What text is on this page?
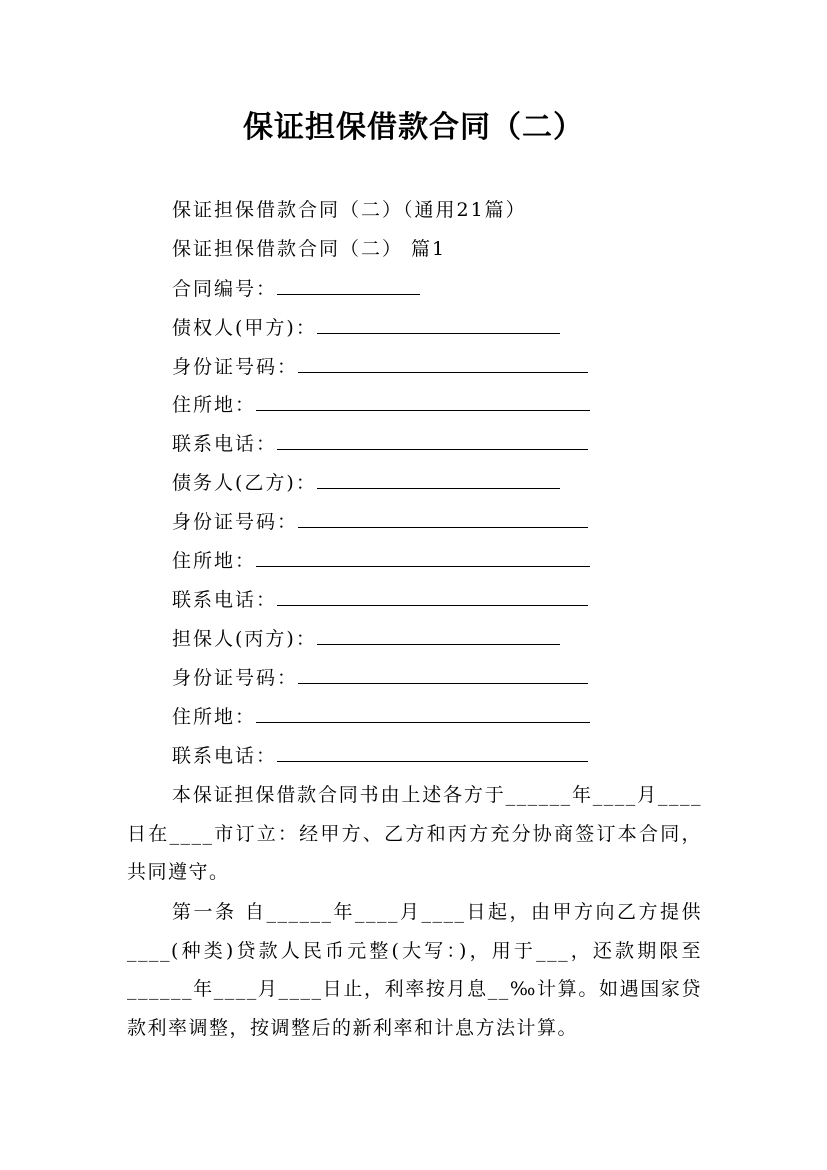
保证担保借款合同（二）
保证担保借款合同（二）（通用21篇）
保证担保借款合同（二） 篇1
合同编号：
债权人(甲方)：
身份证号码：
住所地：
联系电话：
债务人(乙方)：
身份证号码：
住所地：
联系电话：
担保人(丙方)：
身份证号码：
住所地：
联系电话：
本保证担保借款合同书由上述各方于______年____月____日在____市订立：经甲方、乙方和丙方充分协商签订本合同，共同遵守。
第一条 自______年____月____日起，由甲方向乙方提供____(种类)贷款人民币元整(大写：)，用于___，还款期限至______年____月____日止，利率按月息__‰计算。如遇国家贷款利率调整，按调整后的新利率和计息方法计算。
